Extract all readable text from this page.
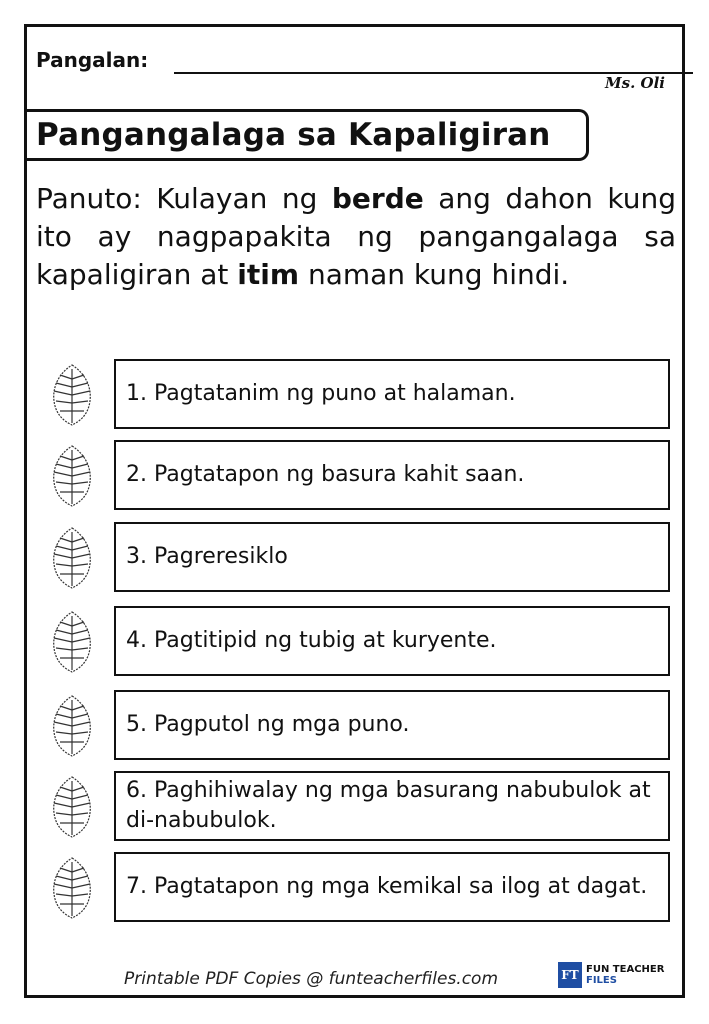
Pangalan:
Ms. Oli
Pangangalaga sa Kapaligiran
Panuto: Kulayan ng berde ang dahon kung ito ay nagpapakita ng pangangalaga sa kapaligiran at itim naman kung hindi.
1. Pagtatanim ng puno at halaman.
2. Pagtatapon ng basura kahit saan.
3. Pagreresiklo
4. Pagtitipid ng tubig at kuryente.
5. Pagputol ng mga puno.
6. Paghihiwalay ng mga basurang nabubulok at di-nabubulok.
7. Pagtatapon ng mga kemikal sa ilog at dagat.
Printable PDF Copies @ funteacherfiles.com	FT FUN TEACHER
FILES
